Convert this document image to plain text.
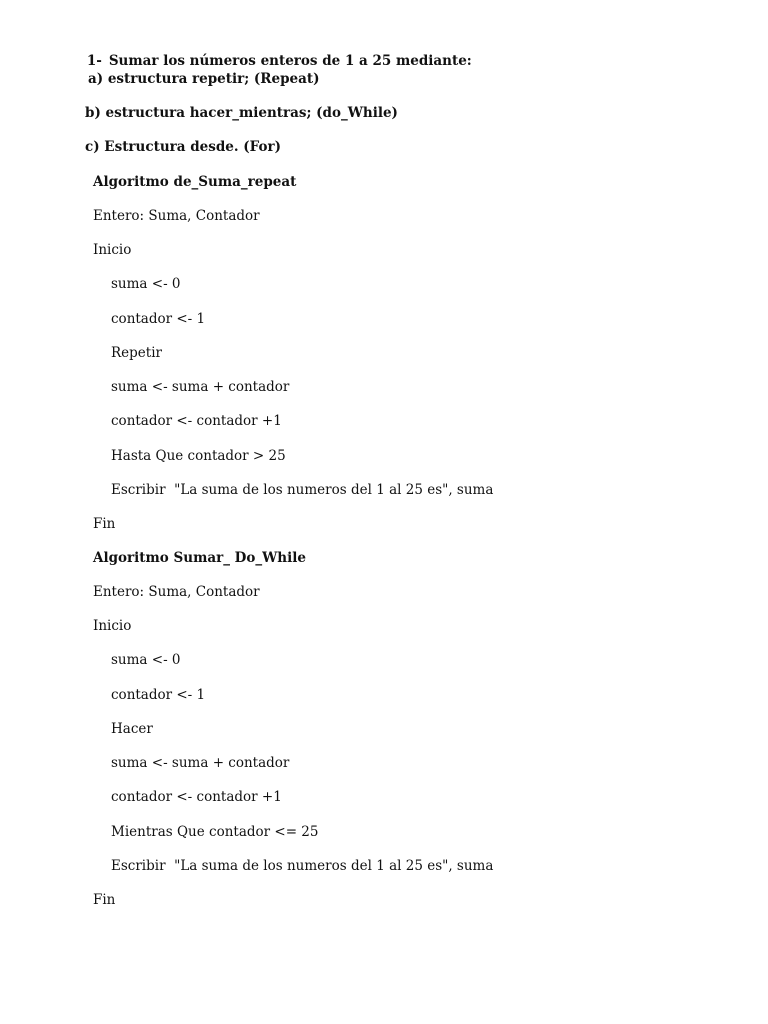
1- Sumar los números enteros de 1 a 25 mediante:

a) estructura repetir; (Repeat)
b) estructura hacer_mientras; (do_While)
c) Estructura desde. (For)
Algoritmo de_Suma_repeat
Entero: Suma, Contador
Inicio
suma <- 0
contador <- 1
Repetir
suma <- suma + contador
contador <- contador +1
Hasta Que contador > 25
Escribir  "La suma de los numeros del 1 al 25 es", suma
Fin
Algoritmo Sumar_ Do_While
Entero: Suma, Contador
Inicio
suma <- 0
contador <- 1
Hacer
suma <- suma + contador
contador <- contador +1
Mientras Que contador <= 25
Escribir  "La suma de los numeros del 1 al 25 es", suma
Fin
